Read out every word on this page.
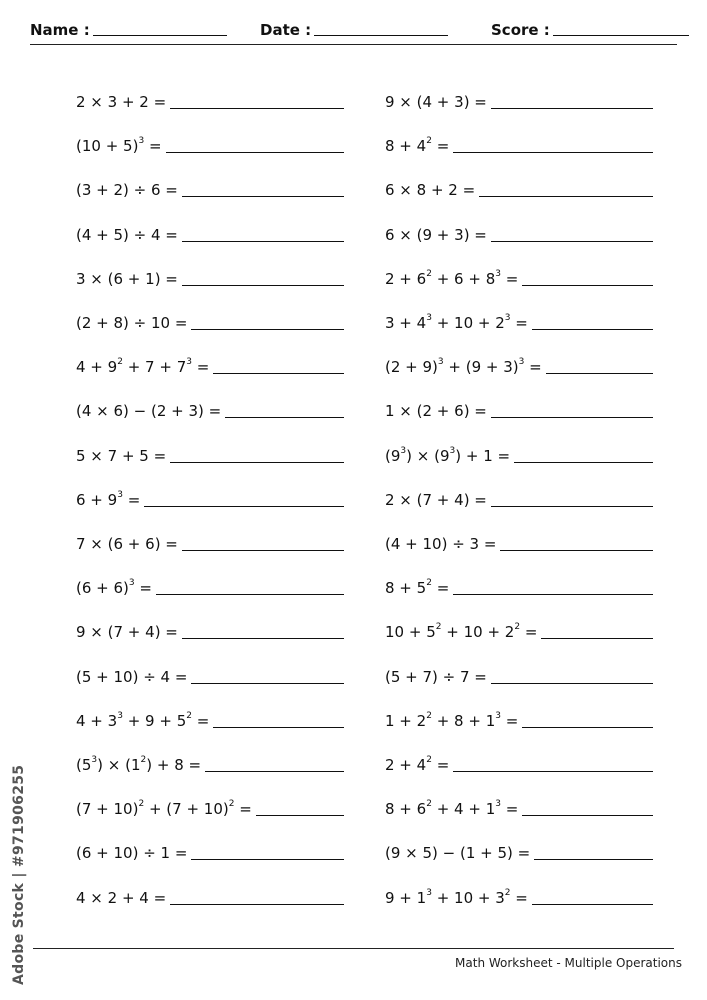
Name :	Date :	Score :
2 × 3 + 2 =
$(10 + 5)^3$ =
(3 + 2) ÷ 6 =
(4 + 5) ÷ 4 =
3 × (6 + 1) =
(2 + 8) ÷ 10 =
$4 + 9^2 + 7 + 7^3$ =
(4 × 6) − (2 + 3) =
5 × 7 + 5 =
$6 + 9^3$ =
7 × (6 + 6) =
$(6 + 6)^3$ =
9 × (7 + 4) =
(5 + 10) ÷ 4 =
$4 + 3^3 + 9 + 5^2$ =
$(5^3) \times (1^2) + 8$ =
$(7 + 10)^2 + (7 + 10)^2$ =
(6 + 10) ÷ 1 =
4 × 2 + 4 =
9 × (4 + 3) =
$8 + 4^2$ =
6 × 8 + 2 =
6 × (9 + 3) =
$2 + 6^2 + 6 + 8^3$ =
$3 + 4^3 + 10 + 2^3$ =
$(2 + 9)^3 + (9 + 3)^3$ =
1 × (2 + 6) =
$(9^3) \times (9^3) + 1$ =
2 × (7 + 4) =
(4 + 10) ÷ 3 =
$8 + 5^2$ =
$10 + 5^2 + 10 + 2^2$ =
(5 + 7) ÷ 7 =
$1 + 2^2 + 8 + 1^3$ =
$2 + 4^2$ =
$8 + 6^2 + 4 + 1^3$ =
(9 × 5) − (1 + 5) =
$9 + 1^3 + 10 + 3^2$ =
Math Worksheet - Multiple Operations
Adobe Stock | #971906255
